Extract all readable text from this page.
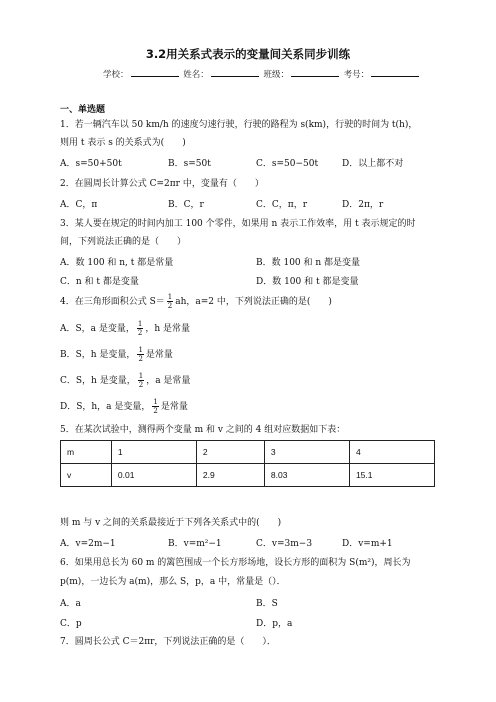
3.2用关系式表示的变量间关系同步训练
学校：	姓名：	班级：	考号：
一、单选题
1．若一辆汽车以 50 km/h 的速度匀速行驶，行驶的路程为 s(km)，行驶的时间为 t(h)，
则用 t 表示 s 的关系式为(　　)
A．s=50+50t	B．s=50t	C．s=50−50t	D．以上都不对
2．在圆周长计算公式 C=2πr 中，变量有（　　）
A．C，π	B．C，r	C．C，π，r	D．2π，r
3．某人要在规定的时间内加工 100 个零件，如果用 n 表示工作效率，用 t 表示规定的时
间，下列说法正确的是（　　）
A．数 100 和 n, t 都是常量	B．数 100 和 n 都是变量
C．n 和 t 都是变量	D．数 100 和 t 都是变量
4．在三角形面积公式 $S= \frac{1}{2}$ ah，a=2 中，下列说法正确的是(　　)
A．S，a 是变量， $\frac{1}{2}$ ，h 是常量
B．S，h 是变量， $\frac{1}{2}$ 是常量
C．S，h 是变量， $\frac{1}{2}$ ，a 是常量
D．S，h，a 是变量， $\frac{1}{2}$ 是常量
5．在某次试验中，测得两个变量 m 和 v 之间的 4 组对应数据如下表：
m	1	2	3	4
v	0.01	2.9	8.03	15.1
则 m 与 v 之间的关系最接近于下列各关系式中的(　　)
A．v=2m−1	B．v=m²−1	C．v=3m−3	D．v=m+1
6．如果用总长为 60 m 的篱笆围成一个长方形场地，设长方形的面积为 S(m²)，周长为
p(m)，一边长为 a(m)，那么 S，p，a 中，常量是（）．
A．a	B．S
C．p	D．p，a
7．圆周长公式 C＝2πr，下列说法正确的是（　　）．
